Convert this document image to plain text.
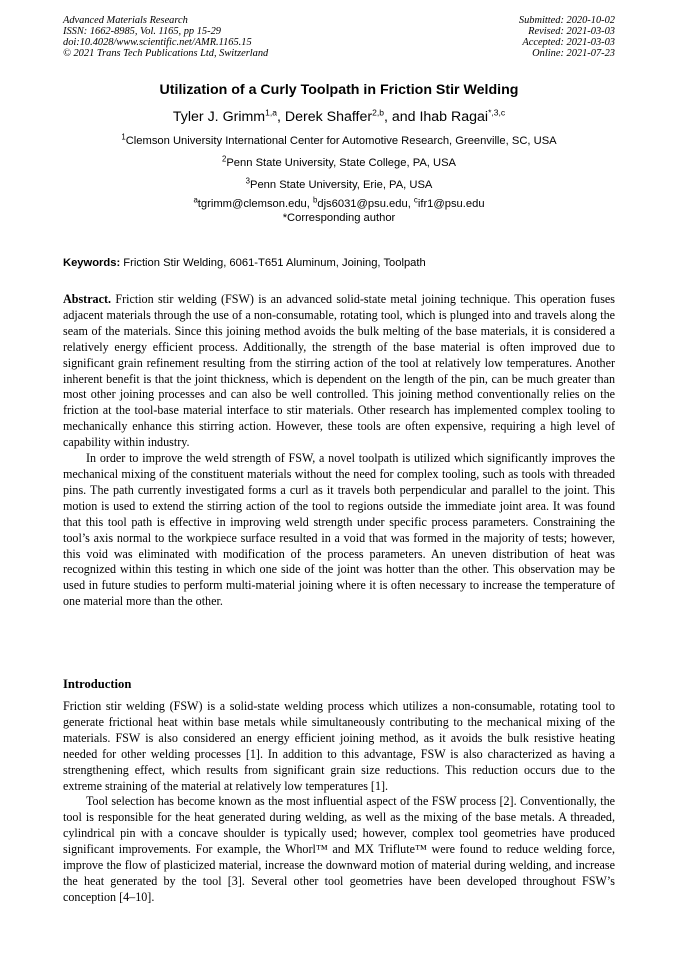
Advanced Materials Research
ISSN: 1662-8985, Vol. 1165, pp 15-29
doi:10.4028/www.scientific.net/AMR.1165.15
© 2021 Trans Tech Publications Ltd, Switzerland
Submitted: 2020-10-02
Revised: 2021-03-03
Accepted: 2021-03-03
Online: 2021-07-23
Utilization of a Curly Toolpath in Friction Stir Welding
Tyler J. Grimm$^{1,a}$, Derek Shaffer$^{2,b}$, and Ihab Ragai$^{*,3,c}$
$^1$Clemson University International Center for Automotive Research, Greenville, SC, USA
$^2$Penn State University, State College, PA, USA
$^3$Penn State University, Erie, PA, USA
$^a$tgrimm@clemson.edu, $^b$djs6031@psu.edu, $^c$ifr1@psu.edu
*Corresponding author
Keywords: Friction Stir Welding, 6061-T651 Aluminum, Joining, Toolpath

Abstract. Friction stir welding (FSW) is an advanced solid-state metal joining technique. This operation fuses adjacent materials through the use of a non-consumable, rotating tool, which is plunged into and travels along the seam of the materials. Since this joining method avoids the bulk melting of the base materials, it is considered a relatively energy efficient process. Additionally, the strength of the base material is often improved due to significant grain refinement resulting from the stirring action of the tool at relatively low temperatures. Another inherent benefit is that the joint thickness, which is dependent on the length of the pin, can be much greater than most other joining processes and can also be well controlled. This joining method conventionally relies on the friction at the tool-base material interface to stir materials. Other research has implemented complex tooling to mechanically enhance this stirring action. However, these tools are often expensive, requiring a high level of capability within industry.

In order to improve the weld strength of FSW, a novel toolpath is utilized which significantly improves the mechanical mixing of the constituent materials without the need for complex tooling, such as tools with threaded pins. The path currently investigated forms a curl as it travels both perpendicular and parallel to the joint. This motion is used to extend the stirring action of the tool to regions outside the immediate joint area. It was found that this tool path is effective in improving weld strength under specific process parameters. Constraining the tool’s axis normal to the workpiece surface resulted in a void that was formed in the majority of tests; however, this void was eliminated with modification of the process parameters. An uneven distribution of heat was recognized within this testing in which one side of the joint was hotter than the other. This observation may be used in future studies to perform multi-material joining where it is often necessary to increase the temperature of one material more than the other.

Introduction

Friction stir welding (FSW) is a solid-state welding process which utilizes a non-consumable, rotating tool to generate frictional heat within base metals while simultaneously contributing to the mechanical mixing of the materials. FSW is also considered an energy efficient joining method, as it avoids the bulk resistive heating needed for other welding processes [1]. In addition to this advantage, FSW is also characterized as having a strengthening effect, which results from significant grain size reductions. This reduction occurs due to the extreme straining of the material at relatively low temperatures [1].

Tool selection has become known as the most influential aspect of the FSW process [2]. Conventionally, the tool is responsible for the heat generated during welding, as well as the mixing of the base metals. A threaded, cylindrical pin with a concave shoulder is typically used; however, complex tool geometries have produced significant improvements. For example, the Whorl™ and MX Triflute™ were found to reduce welding force, improve the flow of plasticized material, increase the downward motion of material during welding, and increase the heat generated by the tool [3]. Several other tool geometries have been developed throughout FSW’s conception [4–10].
